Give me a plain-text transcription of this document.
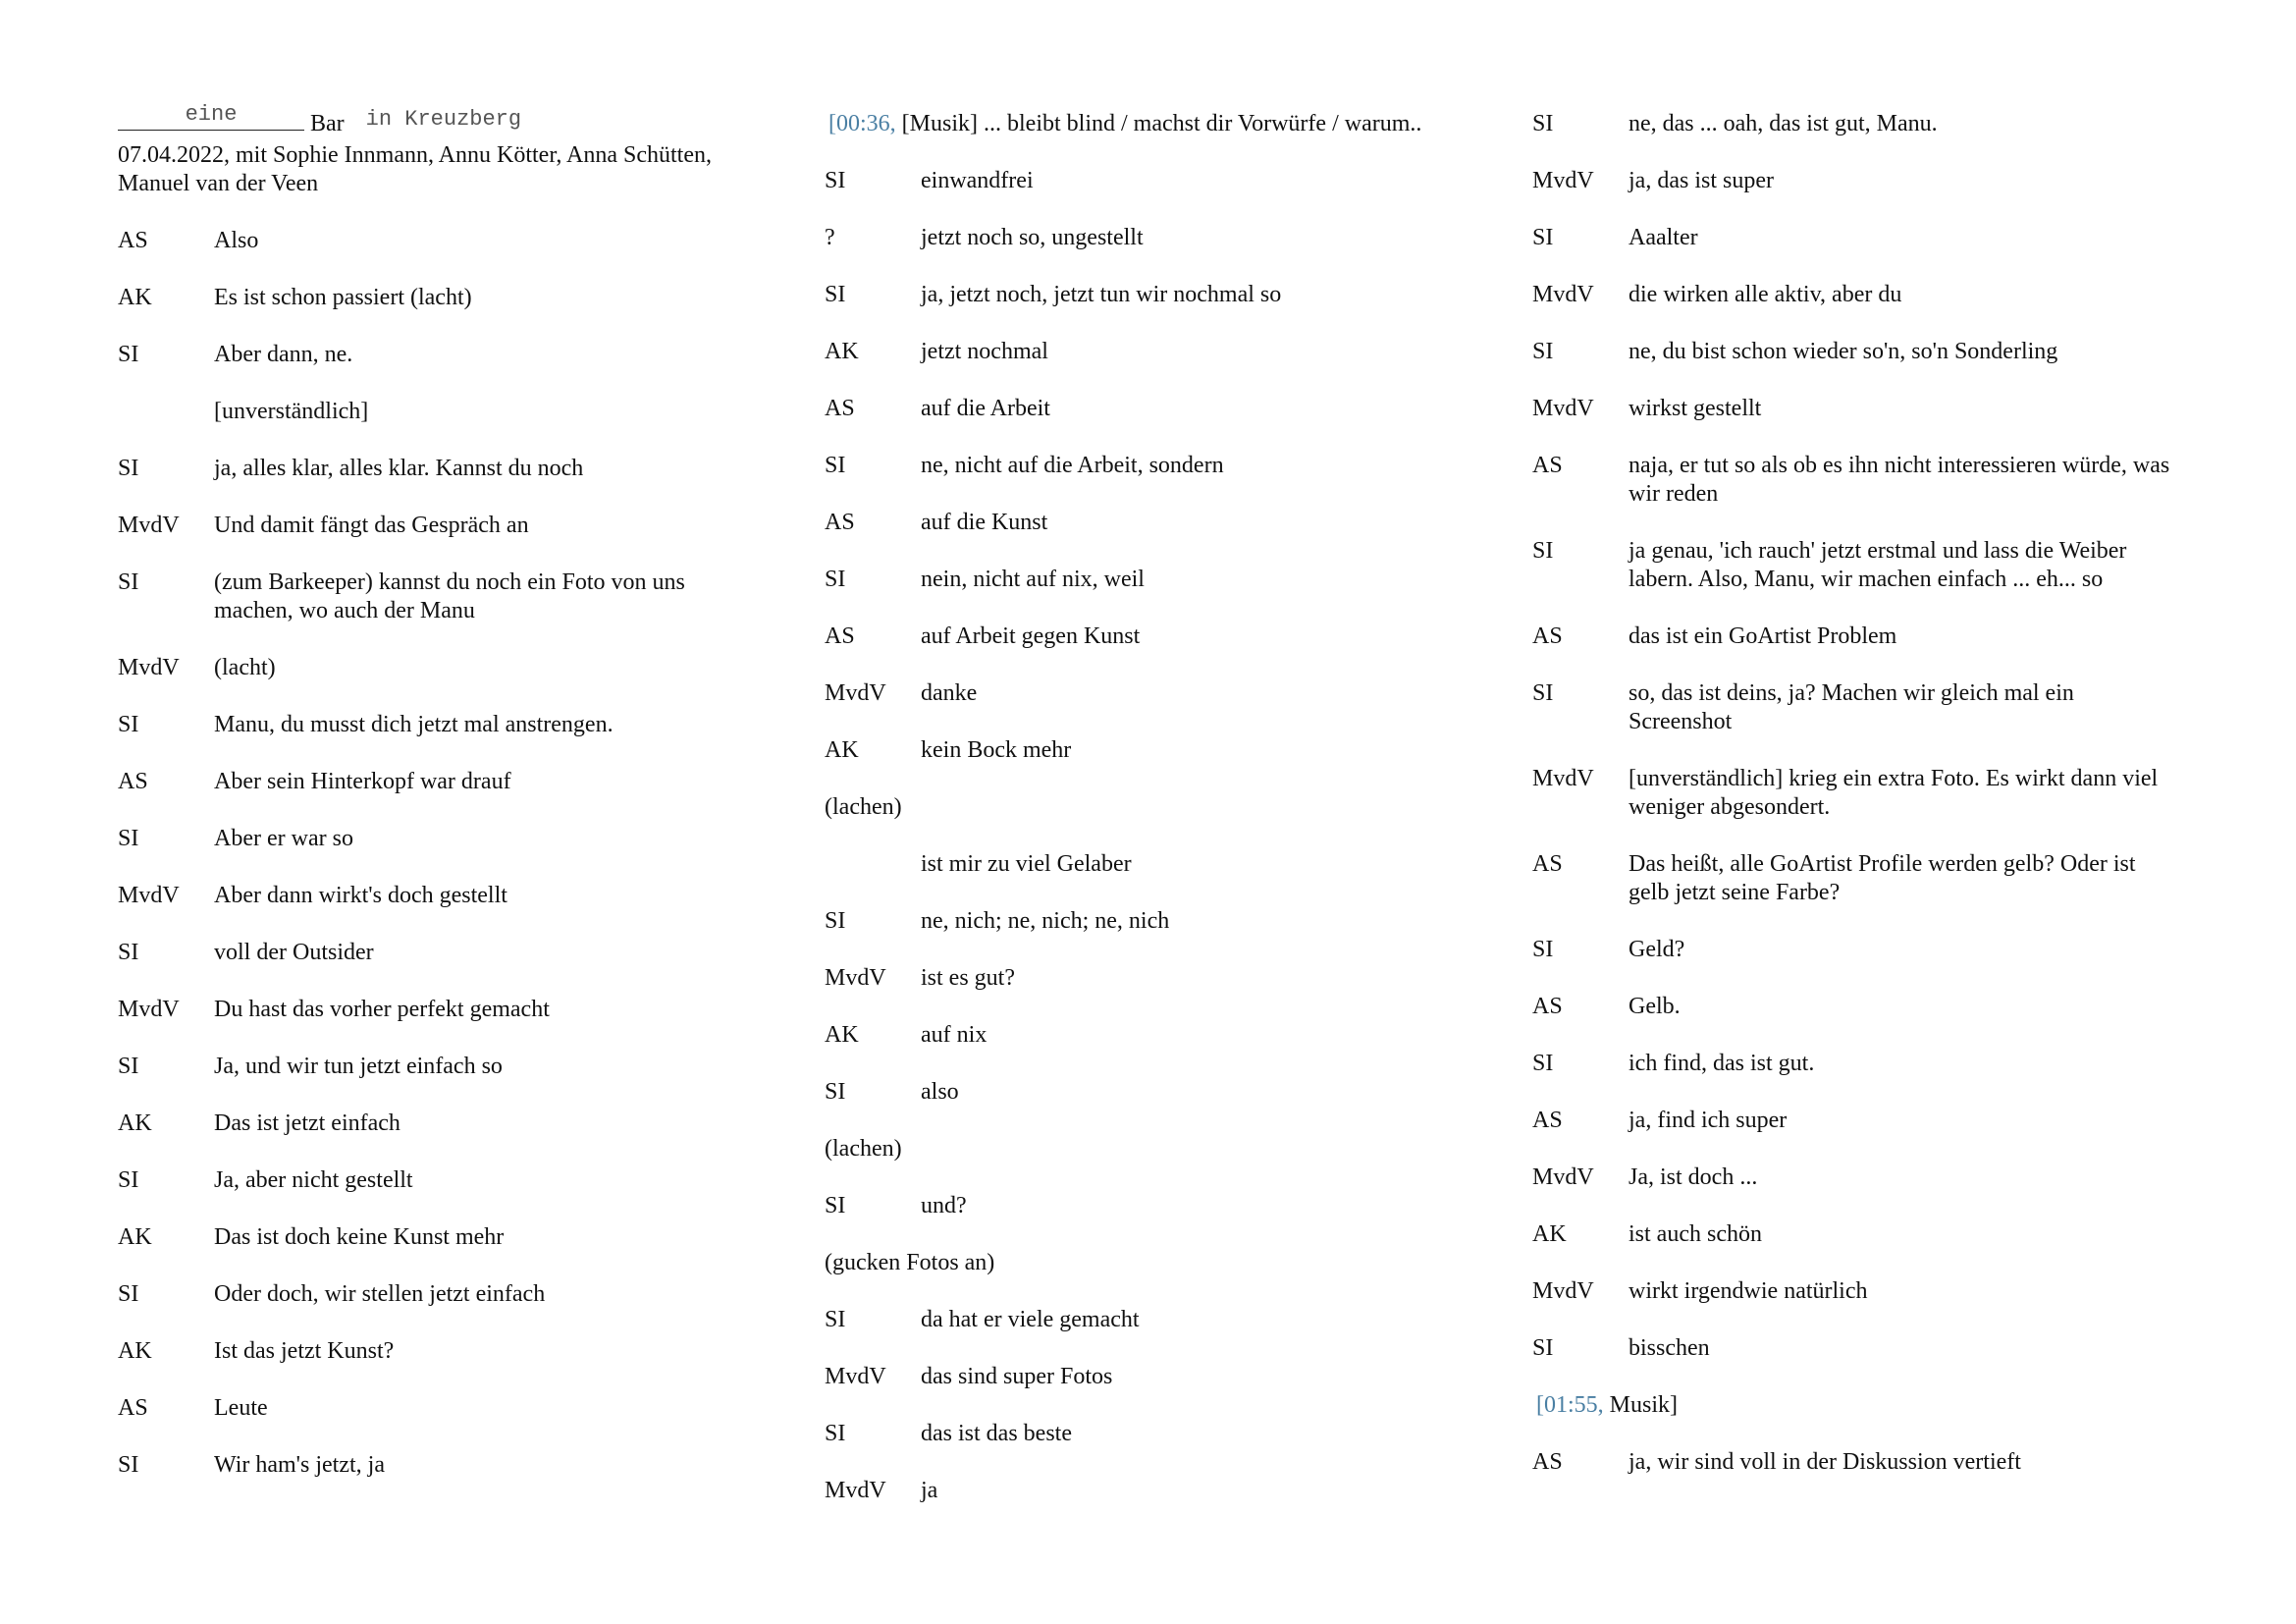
eine	Bar in Kreuzberg
07.04.2022, mit Sophie Innmann, Annu Kötter, Anna Schütten, Manuel van der Veen
AS	Also
AK	Es ist schon passiert (lacht)
SI	Aber dann, ne.
[unverständlich]
SI	ja, alles klar, alles klar. Kannst du noch
MvdV	Und damit fängt das Gespräch an
SI	(zum Barkeeper) kannst du noch ein Foto von uns machen, wo auch der Manu
MvdV	(lacht)
SI	Manu, du musst dich jetzt mal anstrengen.
AS	Aber sein Hinterkopf war drauf
SI	Aber er war so
MvdV	Aber dann wirkt's doch gestellt
SI	voll der Outsider
MvdV	Du hast das vorher perfekt gemacht
SI	Ja, und wir tun jetzt einfach so
AK	Das ist jetzt einfach
SI	Ja, aber nicht gestellt
AK	Das ist doch keine Kunst mehr
SI	Oder doch, wir stellen jetzt einfach
AK	Ist das jetzt Kunst?
AS	Leute
SI	Wir ham's jetzt, ja
[00:36, [Musik] ... bleibt blind / machst dir Vorwürfe / warum..
SI	einwandfrei
?	jetzt noch so, ungestellt
SI	ja, jetzt noch, jetzt tun wir nochmal so
AK	jetzt nochmal
AS	auf die Arbeit
SI	ne, nicht auf die Arbeit, sondern
AS	auf die Kunst
SI	nein, nicht auf nix, weil
AS	auf Arbeit gegen Kunst
MvdV	danke
AK	kein Bock mehr
(lachen)
ist mir zu viel Gelaber
SI	ne, nich; ne, nich; ne, nich
MvdV	ist es gut?
AK	auf nix
SI	also
(lachen)
SI	und?
(gucken Fotos an)
SI	da hat er viele gemacht
MvdV	das sind super Fotos
SI	das ist das beste
MvdV	ja
SI	ne, das ... oah, das ist gut, Manu.
MvdV	ja, das ist super
SI	Aaalter
MvdV	die wirken alle aktiv, aber du
SI	ne, du bist schon wieder so'n, so'n Sonderling
MvdV	wirkst gestellt
AS	naja, er tut so als ob es ihn nicht interessieren würde, was wir reden
SI	ja genau, 'ich rauch' jetzt erstmal und lass die Weiber labern. Also, Manu, wir machen einfach ... eh... so
AS	das ist ein GoArtist Problem
SI	so, das ist deins, ja? Machen wir gleich mal ein Screenshot
MvdV	[unverständlich] krieg ein extra Foto. Es wirkt dann viel weniger abgesondert.
AS	Das heißt, alle GoArtist Profile werden gelb? Oder ist gelb jetzt seine Farbe?
SI	Geld?
AS	Gelb.
SI	ich find, das ist gut.
AS	ja, find ich super
MvdV	Ja, ist doch ...
AK	ist auch schön
MvdV	wirkt irgendwie natürlich
SI	bisschen
[01:55, Musik]
AS	ja, wir sind voll in der Diskussion vertieft
